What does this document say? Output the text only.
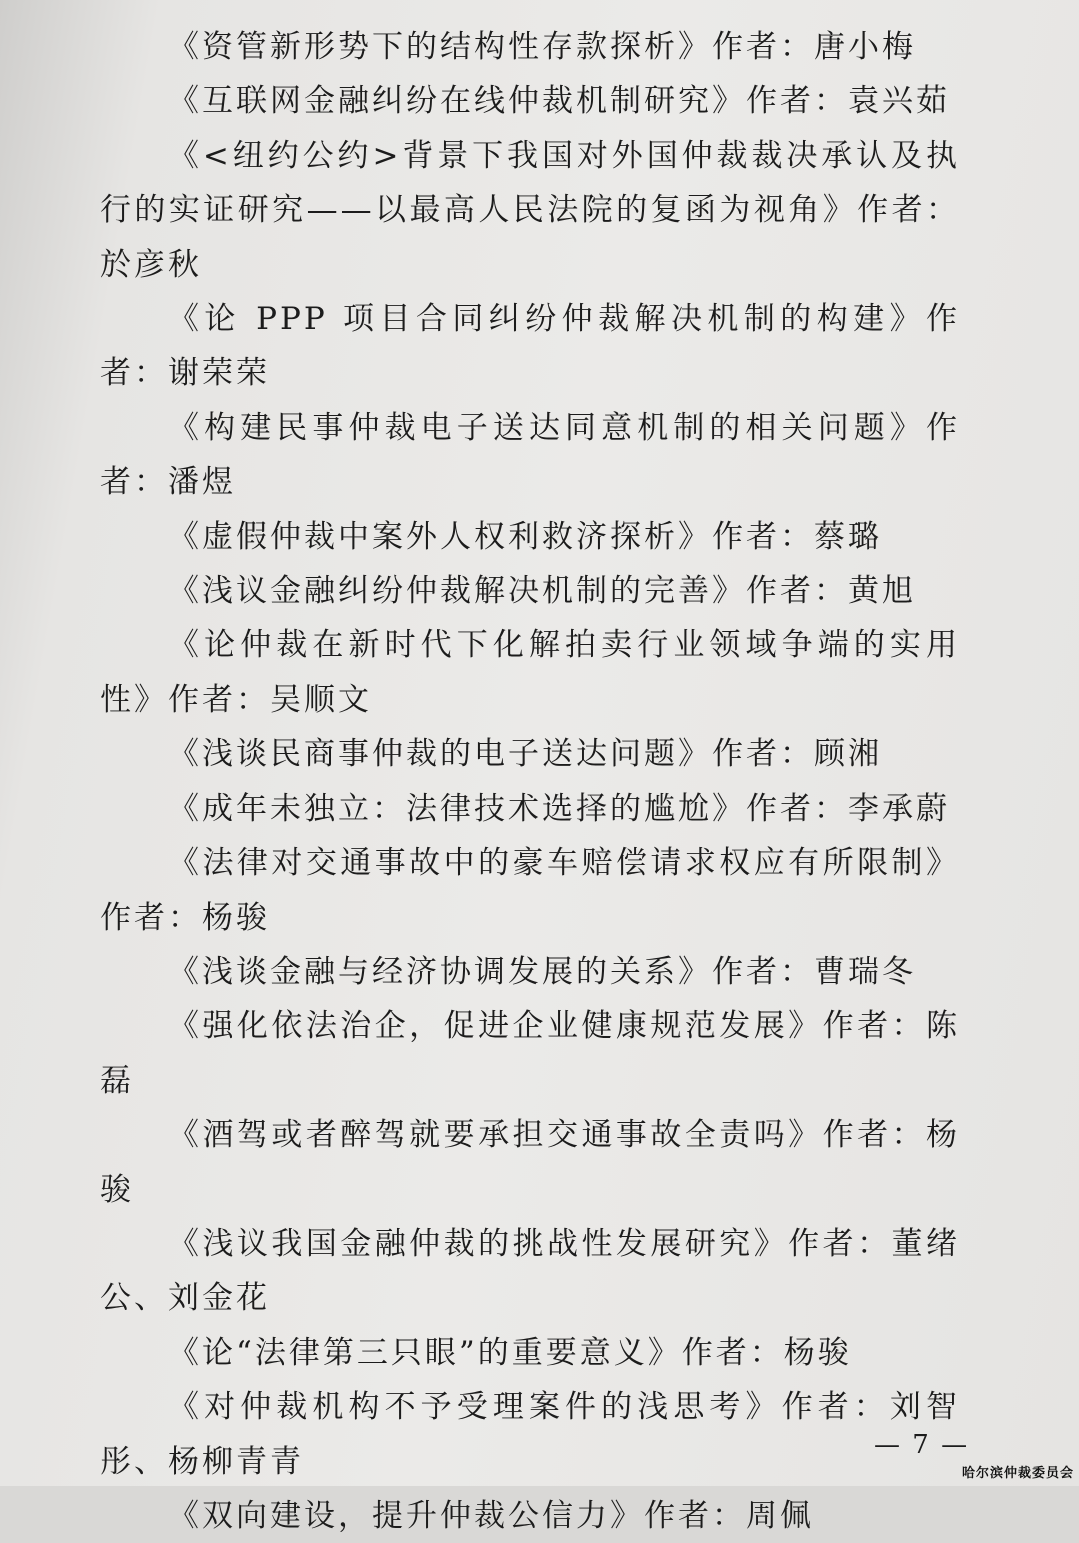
《资管新形势下的结构性存款探析》作者：唐小梅
《互联网金融纠纷在线仲裁机制研究》作者：袁兴茹
《<纽约公约>背景下我国对外国仲裁裁决承认及执行的实证研究——以最高人民法院的复函为视角》作者：於彦秋
《论 PPP 项目合同纠纷仲裁解决机制的构建》作者：谢荣荣
《构建民事仲裁电子送达同意机制的相关问题》作者：潘煜
《虚假仲裁中案外人权利救济探析》作者：蔡璐
《浅议金融纠纷仲裁解决机制的完善》作者：黄旭
《论仲裁在新时代下化解拍卖行业领域争端的实用性》作者：吴顺文
《浅谈民商事仲裁的电子送达问题》作者：顾湘
《成年未独立：法律技术选择的尴尬》作者：李承蔚
《法律对交通事故中的豪车赔偿请求权应有所限制》作者：杨骏
《浅谈金融与经济协调发展的关系》作者：曹瑞冬
《强化依法治企，促进企业健康规范发展》作者：陈磊
《酒驾或者醉驾就要承担交通事故全责吗》作者：杨骏
《浅议我国金融仲裁的挑战性发展研究》作者：董绪公、刘金花
《论“法律第三只眼”的重要意义》作者：杨骏
《对仲裁机构不予受理案件的浅思考》作者：刘智彤、杨柳青青
《双向建设，提升仲裁公信力》作者：周佩
— 7 —
哈尔滨仲裁委员会
